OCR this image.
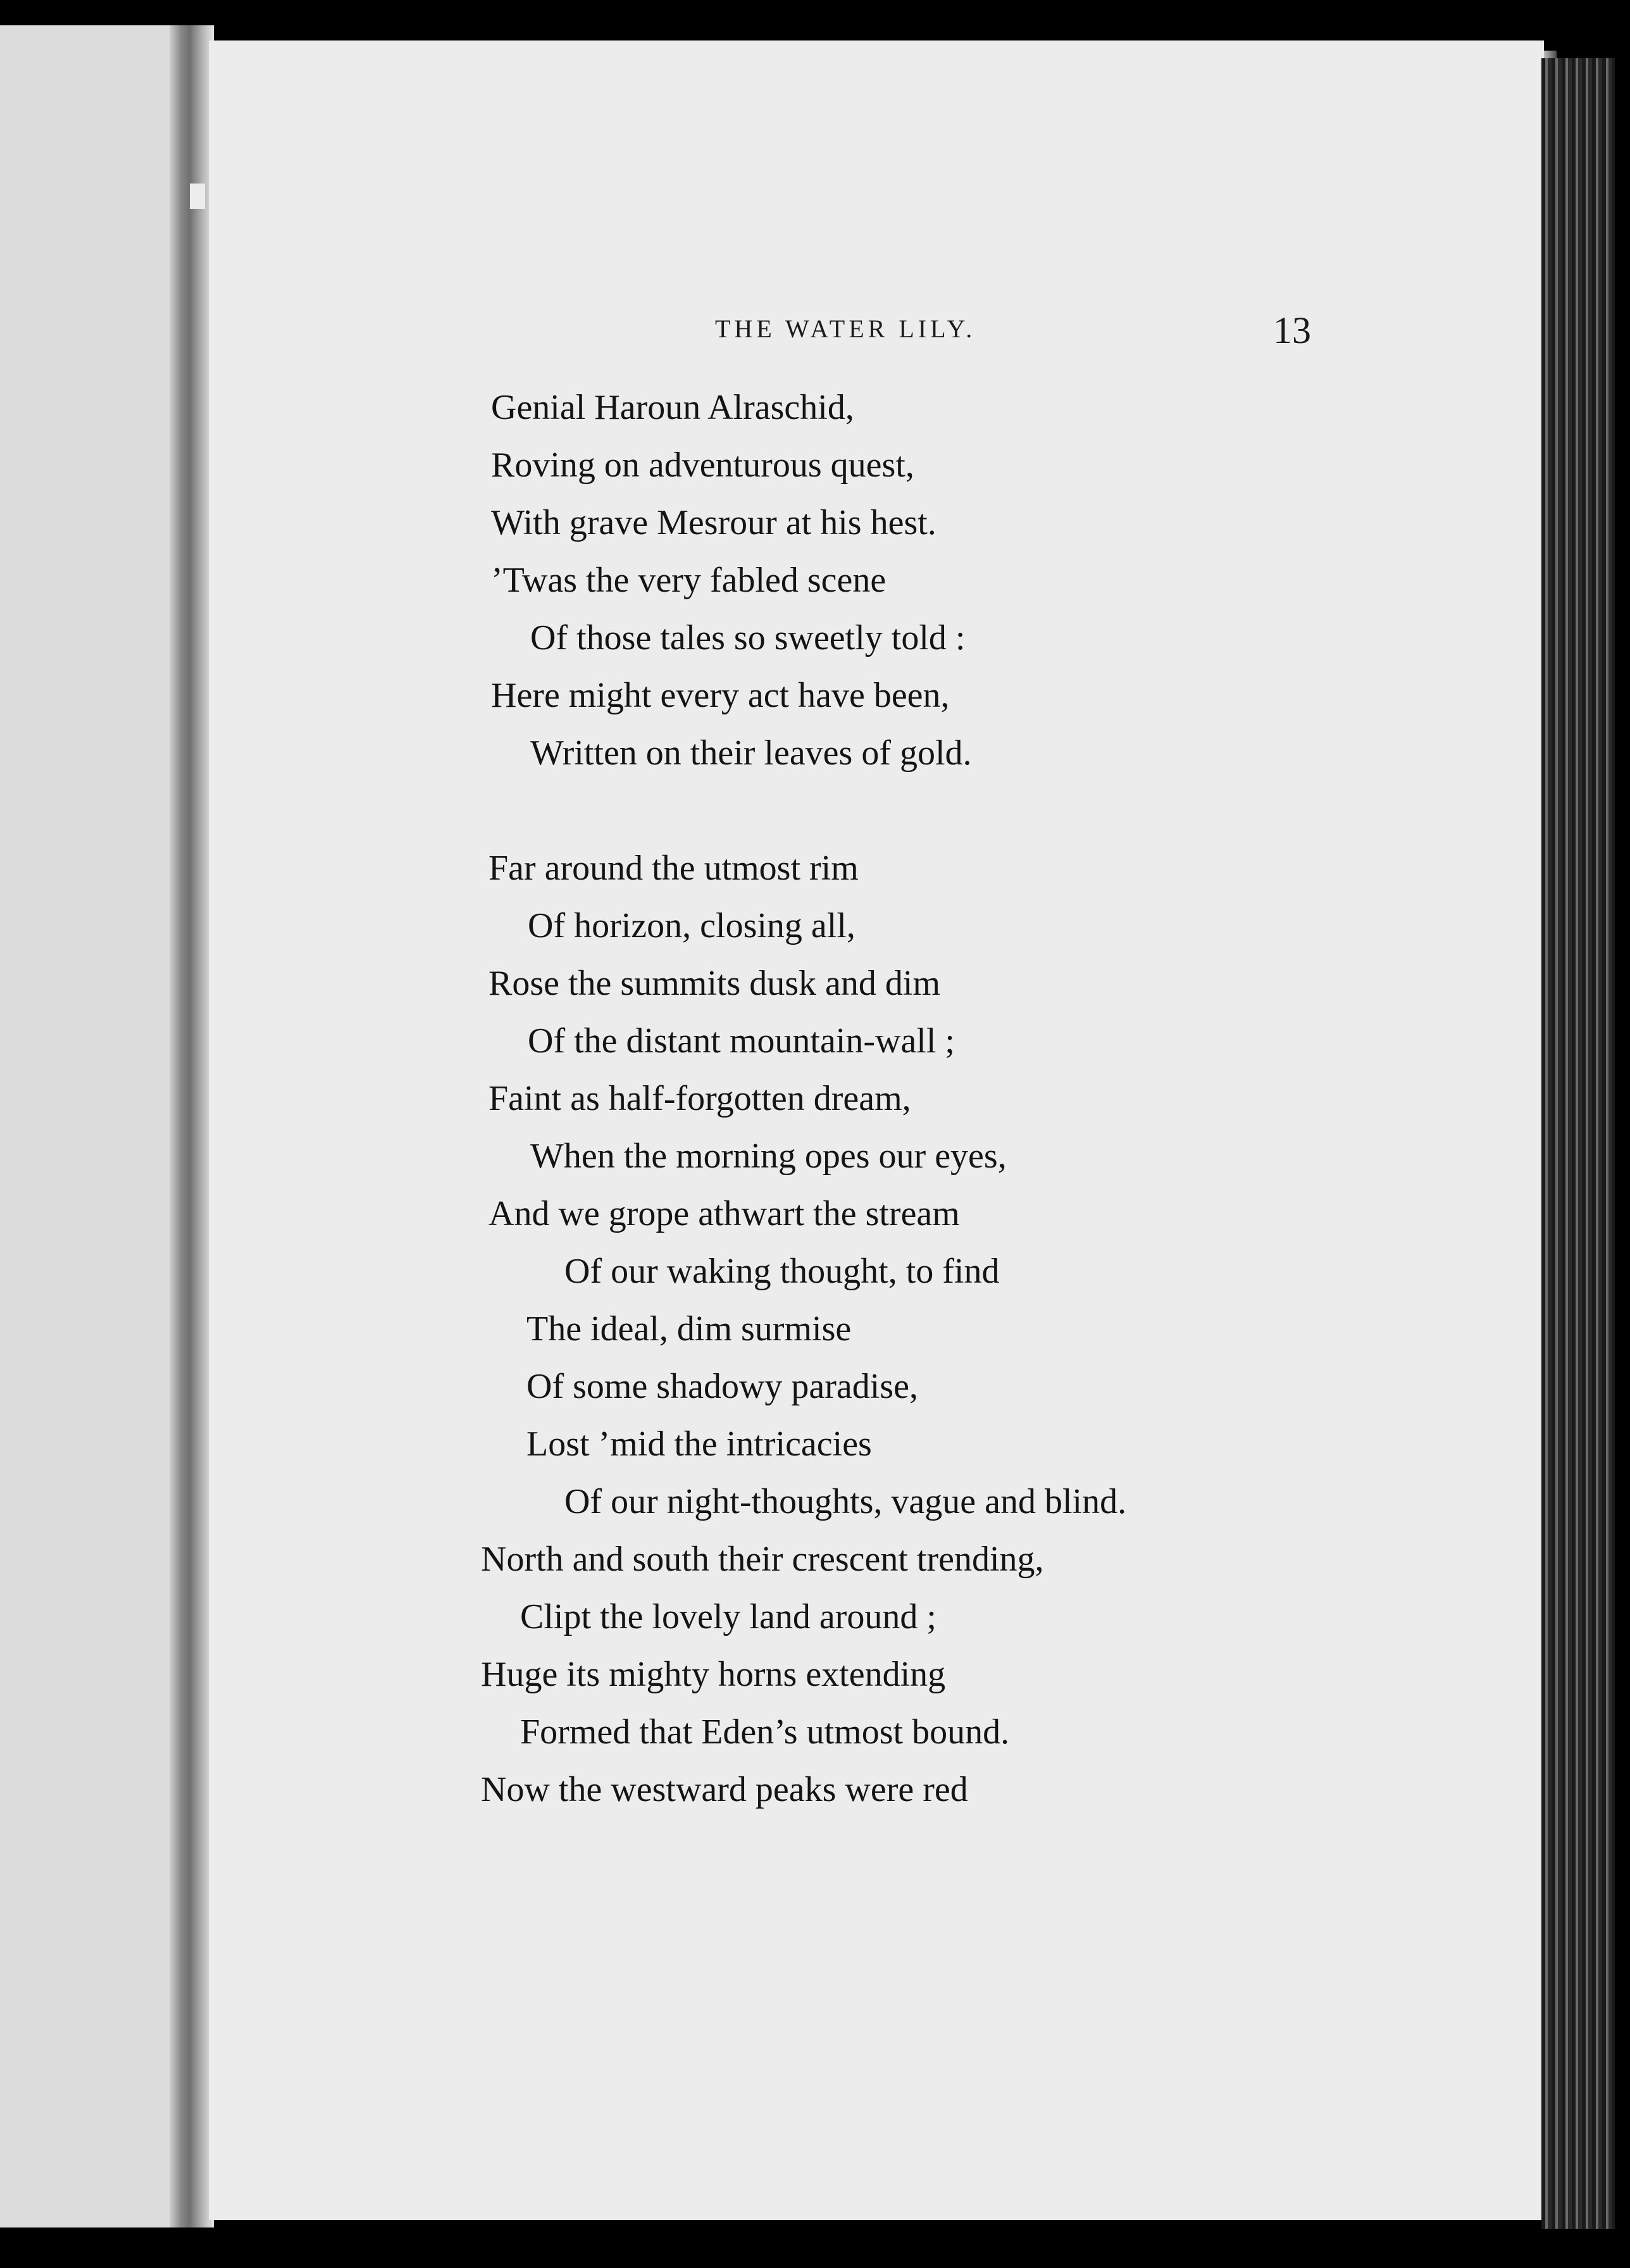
THE WATER LILY.	13
Genial Haroun Alraschid,
Roving on adventurous quest,
With grave Mesrour at his hest.
’Twas the very fabled scene
Of those tales so sweetly told :
Here might every act have been,
Written on their leaves of gold.
Far around the utmost rim
Of horizon, closing all,
Rose the summits dusk and dim
Of the distant mountain-wall ;
Faint as half-forgotten dream,
When the morning opes our eyes,
And we grope athwart the stream
Of our waking thought, to find
The ideal, dim surmise
Of some shadowy paradise,
Lost ’mid the intricacies
Of our night-thoughts, vague and blind.
North and south their crescent trending,
Clipt the lovely land around ;
Huge its mighty horns extending
Formed that Eden’s utmost bound.
Now the westward peaks were red
